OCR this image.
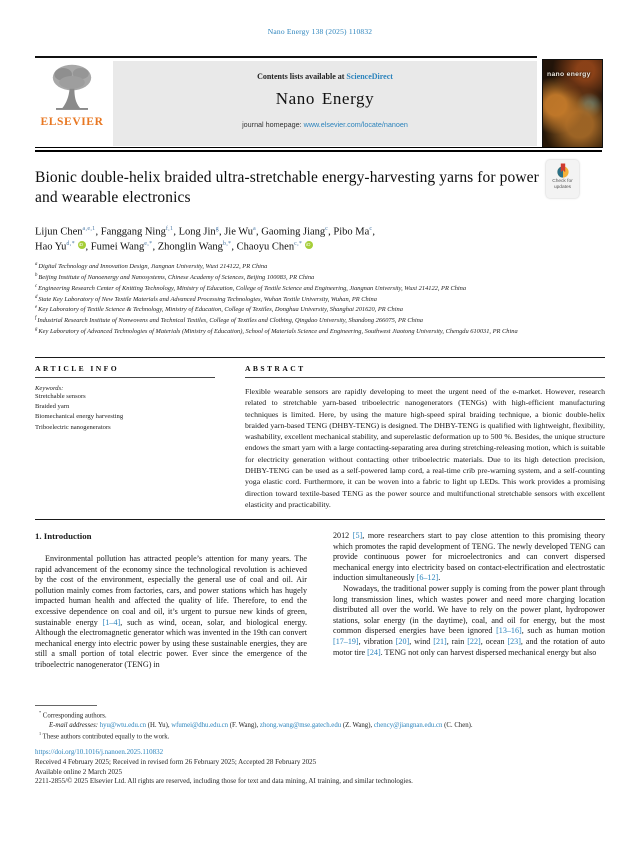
Nano Energy 138 (2025) 110832
ELSEVIER
Contents lists available at ScienceDirect
Nano Energy
journal homepage: www.elsevier.com/locate/nanoen
nano energy
Check for updates
Bionic double-helix braided ultra-stretchable energy-harvesting yarns for power and wearable electronics
Lijun Chen$^{a,e,1}$, Fanggang Ning$^{f,1}$, Long Jin$^g$, Jie Wu$^a$, Gaoming Jiang$^c$, Pibo Ma$^c$,
Hao $Yu^{d,*}$ iD , Fumei Wang$^{e,*}$, Zhonglin Wang$^{b,*}$, Chaoyu Chen$^{c,*}$ iD
$^a$Digital Technology and Innovation Design, Jiangnan University, Wuxi 214122, PR China
$^b$Beijing Institute of Nanoenergy and Nanosystems, Chinese Academy of Sciences, Beijing 100083, PR China
$^c$Engineering Research Center of Knitting Technology, Ministry of Education, College of Textile Science and Engineering, Jiangnan University, Wuxi 214122, PR China
$^d$State Key Laboratory of New Textile Materials and Advanced Processing Technologies, Wuhan Textile University, Wuhan, PR China
$^e$Key Laboratory of Textile Science & Technology, Ministry of Education, College of Textiles, Donghua University, Shanghai 201620, PR China
$^f$Industrial Research Institute of Nonwovens and Technical Textiles, College of Textiles and Clothing, Qingdao University, Shandong 266075, PR China
$^g$Key Laboratory of Advanced Technologies of Materials (Ministry of Education), School of Materials Science and Engineering, Southwest Jiaotong University, Chengdu 610031, PR China
ARTICLE INFO
Keywords:
Stretchable sensors
Braided yarn
Biomechanical energy harvesting
Triboelectric nanogenerators
ABSTRACT
Flexible wearable sensors are rapidly developing to meet the urgent need of the e-market. However, research related to stretchable yarn-based triboelectric nanogenerators (TENGs) with high-efficient manufacturing techniques is limited. Here, by using the mature high-speed spiral braiding technique, a bionic double-helix braided yarn-based TENG (DHBY-TENG) is designed. The DHBY-TENG is qualified with lightweight, flexibility, washability, excellent mechanical stability, and superelastic deformation up to 500 %. Besides, the unique structure endows the smart yarn with a large contacting-separating area during stretching-releasing motion, which is suitable for electricity generation without contacting other triboelectric materials. Due to its high detection precision, DHBY-TENG can be used as a self-powered lamp cord, a real-time crib pre-warning system, and a self-counting yoga elastic cord. Furthermore, it can be woven into a fabric to light up LEDs. This work provides a promising direction toward textile-based TENG as the power source and multifunctional stretchable sensors with excellent elasticity and practicability.
1. Introduction

Environmental pollution has attracted people’s attention for many years. The rapid advancement of the economy since the technological revolution is achieved by the cost of the environment, especially the general use of coal and oil. Air pollution mainly comes from factories, cars, and power stations which has hugely impacted human health and affected the quality of life. Therefore, to end the excessive dependence on coal and oil, it’s urgent to pursue new kinds of green, sustainable energy [1–4], such as wind, ocean, solar, and biological energy. Although the electromagnetic generator which was invented in the 19th can convert mechanical energy into electric power by using these sustainable energies, they are still a small portion of total electric power. Ever since the emergence of the triboelectric nanogenerator (TENG) in

2012 [5], more researchers start to pay close attention to this promising theory which promotes the rapid development of TENG. The newly developed TENG can provide continuous power for microelectronics and can convert dispersed mechanical energy into electricity based on contact-electrification and electrostatic induction simultaneously [6–12].

Nowadays, the traditional power supply is coming from the power plant through long transmission lines, which wastes power and need more charging location distributed all over the world. We have to rely on the power plant, hydropower stations, solar energy (in the daytime), coal, and oil for energy, but the most common dispersed energies have been ignored [13–16], such as human motion [17–19], vibration [20], wind [21], rain [22], ocean [23], and the rotation of auto motor tire [24]. TENG not only can harvest dispersed mechanical energy but also

* Corresponding authors.
E-mail addresses: hyu@wtu.edu.cn (H. Yu), wfumei@dhu.edu.cn (F. Wang), zhong.wang@mse.gatech.edu (Z. Wang), chency@jiangnan.edu.cn (C. Chen).
$^1$ These authors contributed equally to the work.
https://doi.org/10.1016/j.nanoen.2025.110832
Received 4 February 2025; Received in revised form 26 February 2025; Accepted 28 February 2025
Available online 2 March 2025
2211-2855/© 2025 Elsevier Ltd. All rights are reserved, including those for text and data mining, AI training, and similar technologies.
